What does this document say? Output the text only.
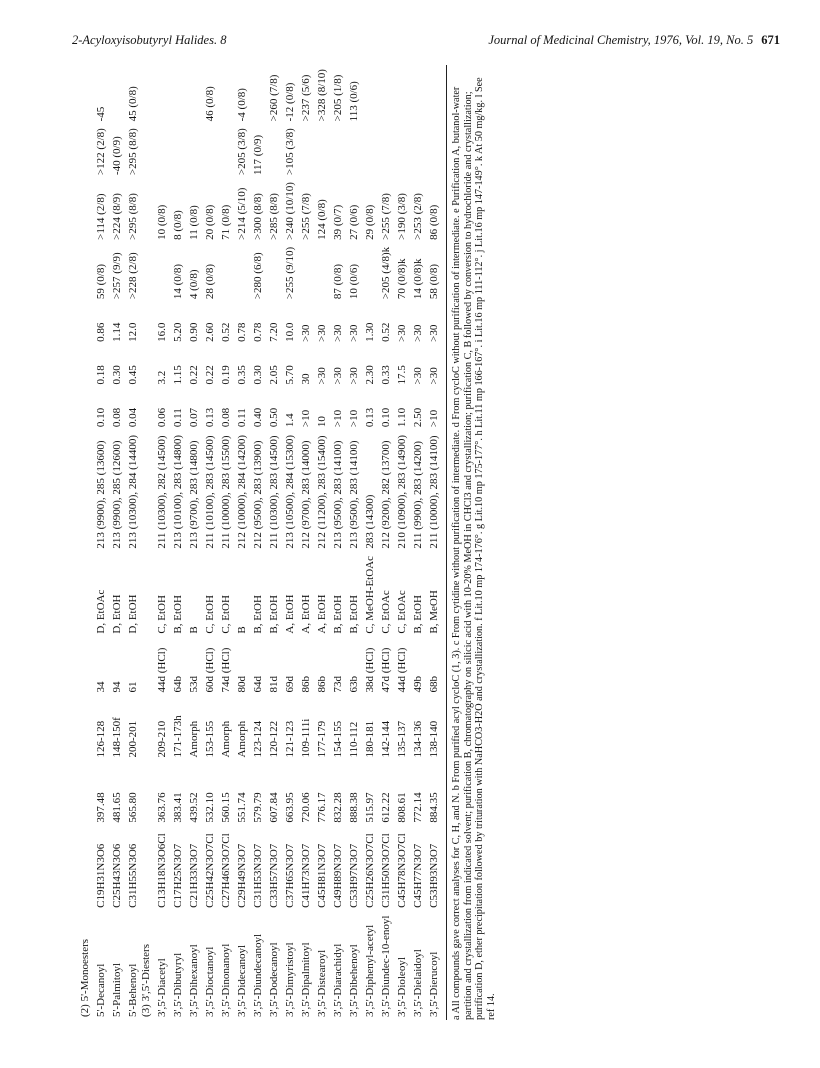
2-Acyloxyisobutyryl Halides. 8	Journal of Medicinal Chemistry, 1976, Vol. 19, No. 5 671
(2) 5'-Monoesters													
5'-Decanoyl	C19H31N3O6	397.48	126-128	34	D, EtOAc	213 (9900), 285 (13600)	0.10	0.18	0.86	59 (0/8)	>114 (2/8)	>122 (2/8)	-45
5'-Palmitoyl	C25H43N3O6	481.65	148-150f	94	D, EtOH	213 (9900), 285 (12600)	0.08	0.30	1.14	>257 (9/9)	>224 (8/9)	-40 (0/9)	
5'-Behenoyl	C31H55N3O6	565.80	200-201	61	D, EtOH	213 (10300), 284 (14400)	0.04	0.45	12.0	>228 (2/8)	>295 (8/8)	>295 (8/8)	45 (0/8)
(3) 3',5'-Diesters													
3',5'-Diacetyl	C13H18N3O6Cl	363.76	209-210	44d (HCl)	C, EtOH	211 (10300), 282 (14500)	0.06	3.2	16.0		10 (0/8)		
3',5'-Dibutyryl	C17H25N3O7	383.41	171-173h	64b	B, EtOH	213 (10100), 283 (14800)	0.11	1.15	5.20	14 (0/8)	8 (0/8)		
3',5'-Dihexanoyl	C21H33N3O7	439.52	Amorph	53d	B	213 (9700), 283 (14800)	0.07	0.22	0.90	4 (0/8)	11 (0/8)		
3',5'-Dioctanoyl	C25H42N3O7Cl	532.10	153-155	60d (HCl)	C, EtOH	211 (10100), 283 (14500)	0.13	0.22	2.60	28 (0/8)	20 (0/8)		46 (0/8)
3',5'-Dinonanoyl	C27H46N3O7Cl	560.15	Amorph	74d (HCl)	C, EtOH	211 (10000), 283 (15500)	0.08	0.19	0.52		71 (0/8)		
3',5'-Didecanoyl	C29H49N3O7	551.74	Amorph	80d	B	212 (10000), 284 (14200)	0.11	0.35	0.78		>214 (5/10)	>205 (3/8)	-4 (0/8)
3',5'-Diundecanoyl	C31H53N3O7	579.79	123-124	64d	B, EtOH	212 (9500), 283 (13900)	0.40	0.30	0.78	>280 (6/8)	>300 (8/8)	117 (0/9)	
3',5'-Dodecanoyl	C33H57N3O7	607.84	120-122	81d	B, EtOH	211 (10300), 283 (14500)	0.50	2.05	7.20		>285 (8/8)		>260 (7/8)
3',5'-Dimyristoyl	C37H65N3O7	663.95	121-123	69d	A, EtOH	213 (10500), 284 (15300)	1.4	5.70	10.0	>255 (9/10)	>240 (10/10)	>105 (3/8)	-12 (0/8)
3',5'-Dipalmitoyl	C41H73N3O7	720.06	109-111i	86b	A, EtOH	212 (9700), 283 (14000)	>10	30	>30		>255 (7/8)		>237 (5/6)
3',5'-Distearoyl	C45H81N3O7	776.17	177-179	86b	A, EtOH	212 (11200), 283 (15400)	10	>30	>30		124 (0/8)		>328 (8/10)
3',5'-Diarachidyl	C49H89N3O7	832.28	154-155	73d	B, EtOH	213 (9500), 283 (14100)	>10	>30	>30	87 (0/8)	39 (0/7)		>205 (1/8)
3',5'-Dibehenoyl	C53H97N3O7	888.38	110-112	63b	B, EtOH	213 (9500), 283 (14100)	>10	>30	>30	10 (0/6)	27 (0/6)		113 (0/6)
3',5'-Diphenyl-acetyl	C25H26N3O7Cl	515.97	180-181	38d (HCl)	C, MeOH-EtOAc	283 (14300)	0.13	2.30	1.30		29 (0/8)		
3',5'-Diundec-10-enoyl	C31H50N3O7Cl	612.22	142-144	47d (HCl)	C, EtOAc	212 (9200), 282 (13700)	0.10	0.33	0.52	>205 (4/8)k	>255 (7/8)		
3',5'-Dioleoyl	C45H78N3O7Cl	808.61	135-137	44d (HCl)	C, EtOAc	210 (10900), 283 (14900)	1.10	17.5	>30	70 (0/8)k	>190 (3/8)		
3',5'-Dielaidoyl	C45H77N3O7	772.14	134-136	49b	B, EtOH	211 (9900), 283 (14200)	2.50	>30	>30	14 (0/8)k	>253 (2/8)		
3',5'-Dierucoyl	C53H93N3O7	884.35	138-140	68b	B, MeOH	211 (10000), 283 (14100)	>10	>30	>30	58 (0/8)	86 (0/8)			a All compounds gave correct analyses for C, H, and N. b From purified acyl cycloC (1, 3). c From cytidine without purification of intermediate. d From cycloC without purification of intermediate. e Purification A, butanol-water partition and crystallization from indicated solvent; purification B, chromatography on silicic acid with 10-20% MeOH in CHCl3 and crystallization; purification C, B followed by conversion to hydrochloride and crystallization; purification D, ether precipitation followed by trituration with NaHCO3-H2O and crystallization. f Lit.10 mp 174-176°. g Lit.10 mp 175-177°. h Lit.11 mp 166-167°. i Lit.16 mp 111-112°. j Lit.16 mp 147-149°. k At 50 mg/kg. l See ref 14.
